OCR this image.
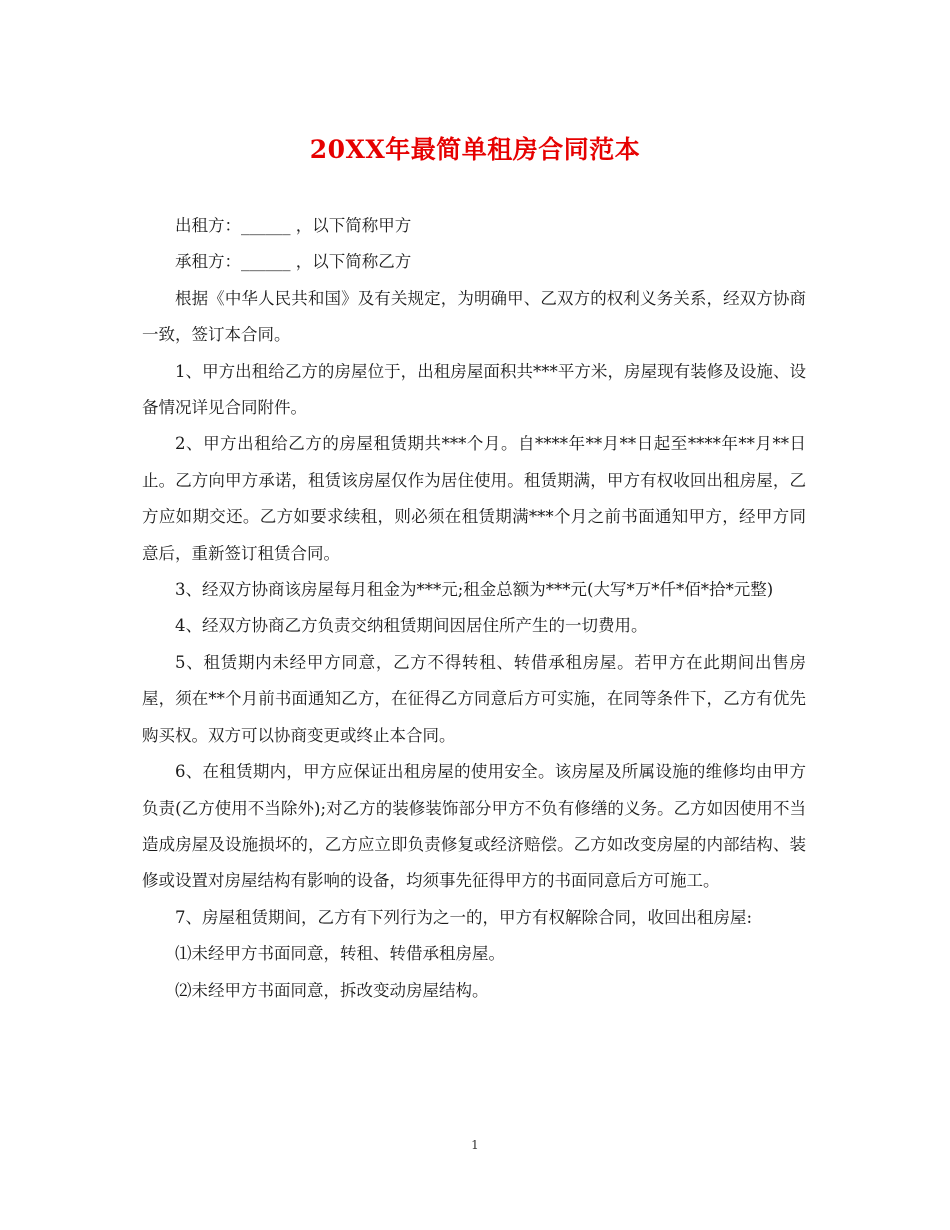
20XX年最简单租房合同范本

出租方：______ ，以下简称甲方

承租方：______ ，以下简称乙方

根据《中华人民共和国》及有关规定，为明确甲、乙双方的权利义务关系，经双方协商一致，签订本合同。

1、甲方出租给乙方的房屋位于，出租房屋面积共***平方米，房屋现有装修及设施、设备情况详见合同附件。

2、甲方出租给乙方的房屋租赁期共***个月。自****年**月**日起至****年**月**日止。乙方向甲方承诺，租赁该房屋仅作为居住使用。租赁期满，甲方有权收回出租房屋，乙方应如期交还。乙方如要求续租，则必须在租赁期满***个月之前书面通知甲方，经甲方同意后，重新签订租赁合同。

3、经双方协商该房屋每月租金为***元;租金总额为***元(大写*万*仟*佰*拾*元整)

4、经双方协商乙方负责交纳租赁期间因居住所产生的一切费用。

5、租赁期内未经甲方同意，乙方不得转租、转借承租房屋。若甲方在此期间出售房屋，须在**个月前书面通知乙方，在征得乙方同意后方可实施，在同等条件下，乙方有优先购买权。双方可以协商变更或终止本合同。

6、在租赁期内，甲方应保证出租房屋的使用安全。该房屋及所属设施的维修均由甲方负责(乙方使用不当除外);对乙方的装修装饰部分甲方不负有修缮的义务。乙方如因使用不当造成房屋及设施损坏的，乙方应立即负责修复或经济赔偿。乙方如改变房屋的内部结构、装修或设置对房屋结构有影响的设备，均须事先征得甲方的书面同意后方可施工。

7、房屋租赁期间，乙方有下列行为之一的，甲方有权解除合同，收回出租房屋:

⑴未经甲方书面同意，转租、转借承租房屋。

⑵未经甲方书面同意，拆改变动房屋结构。

1
